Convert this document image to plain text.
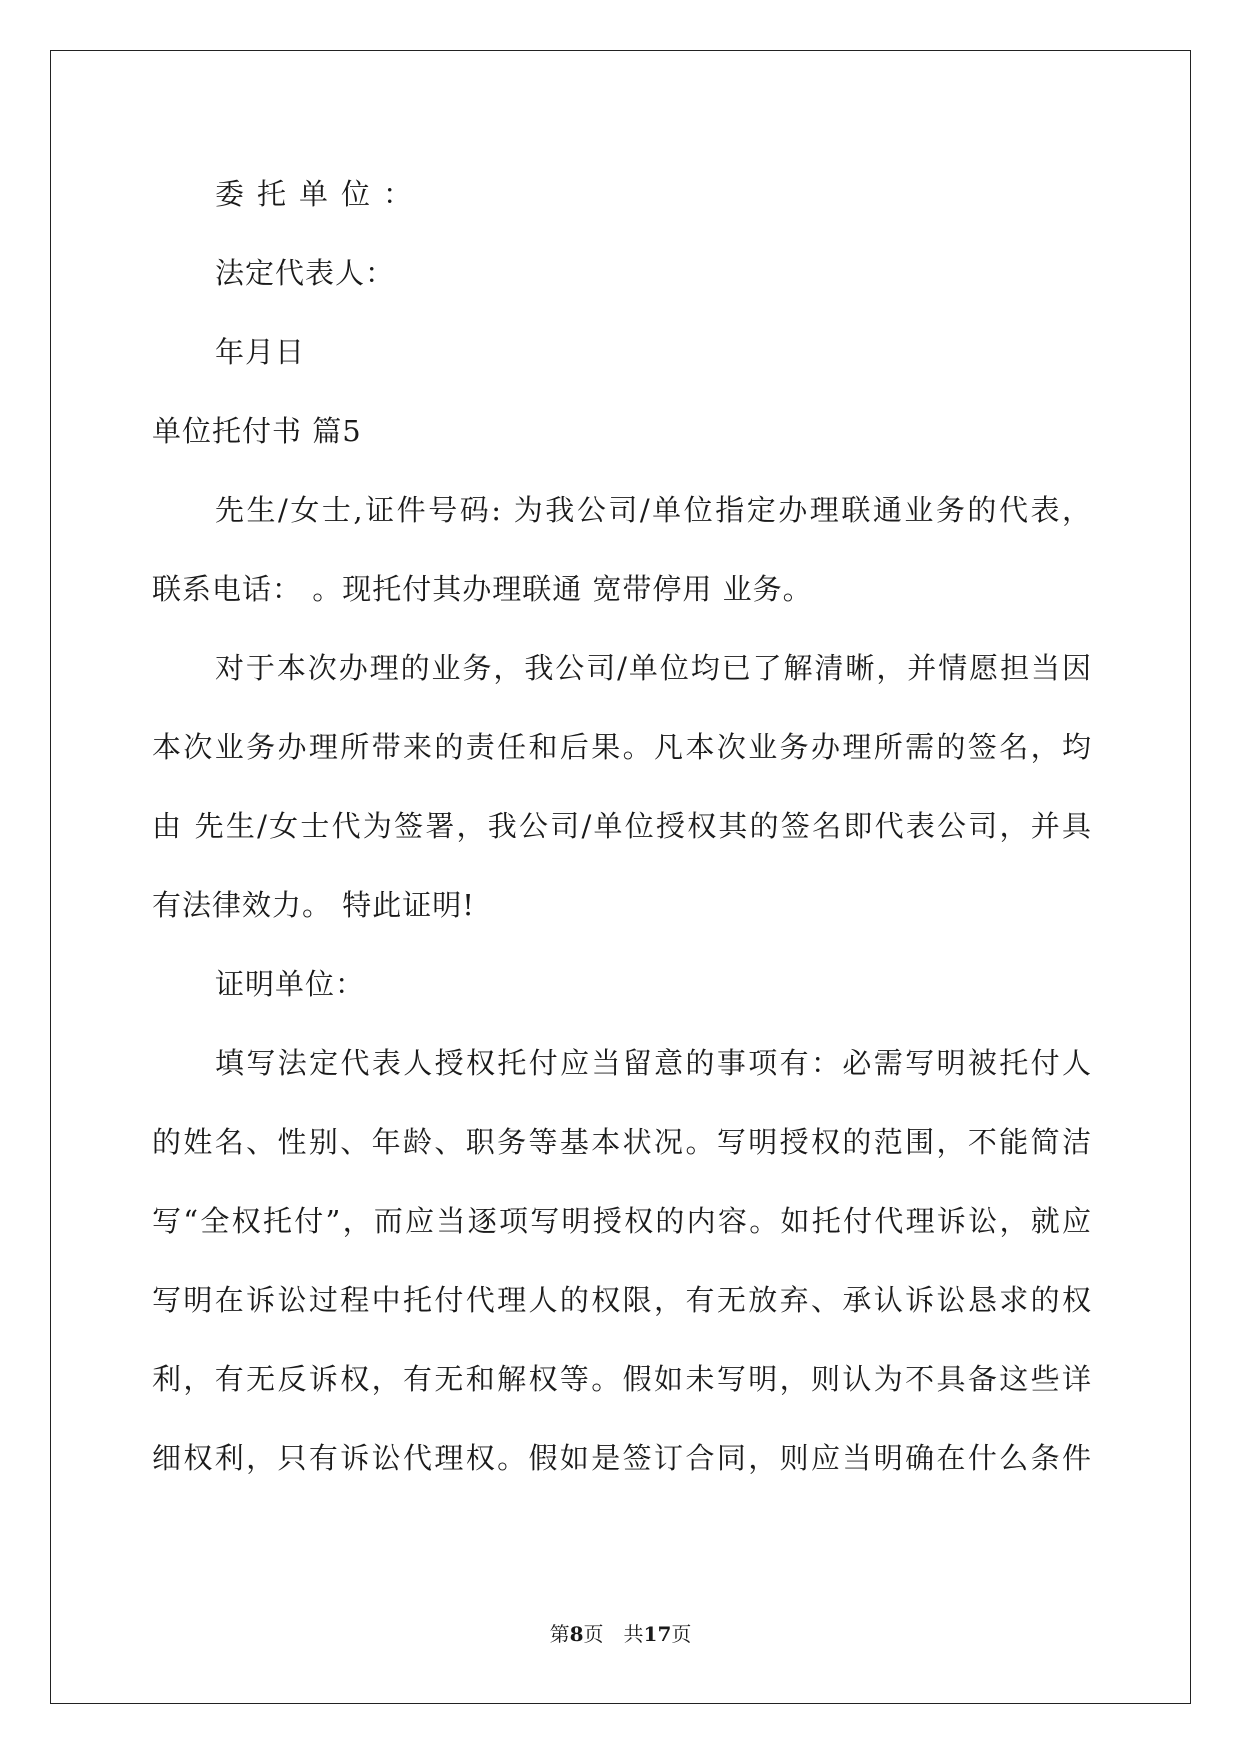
委托单位：
法定代表人：
年月日
单位托付书 篇5
先生/女士,证件号码: 为我公司/单位指定办理联通业务的代表，
联系电话： 。现托付其办理联通 宽带停用 业务。
对于本次办理的业务，我公司/单位均已了解清晰，并情愿担当因
本次业务办理所带来的责任和后果。凡本次业务办理所需的签名，均
由 先生/女士代为签署，我公司/单位授权其的签名即代表公司，并具
有法律效力。 特此证明!
证明单位：
填写法定代表人授权托付应当留意的事项有：必需写明被托付人
的姓名、性别、年龄、职务等基本状况。写明授权的范围，不能简洁
写“全权托付”，而应当逐项写明授权的内容。如托付代理诉讼，就应
写明在诉讼过程中托付代理人的权限，有无放弃、承认诉讼恳求的权
利，有无反诉权，有无和解权等。假如未写明，则认为不具备这些详
细权利，只有诉讼代理权。假如是签订合同，则应当明确在什么条件
第8页　共17页
